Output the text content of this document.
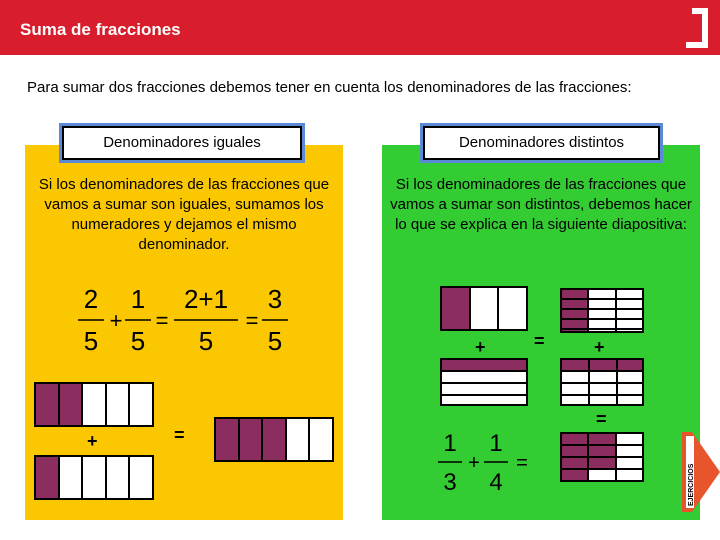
Suma de fracciones
Para sumar dos fracciones debemos tener en cuenta los denominadores de las fracciones:
Denominadores iguales	Denominadores distintos
Si los denominadores de las fracciones que vamos a sumar son iguales, sumamos los numeradores y dejamos el mismo denominador.
Si los denominadores de las fracciones que vamos a sumar son distintos, debemos hacer lo que se explica en la siguiente diapositiva:
2
5
+
1
5
=
2+1
5
=
3
5
+	=
+	=	+
=
1
3
+
1
4
=
EJERCICIOS
